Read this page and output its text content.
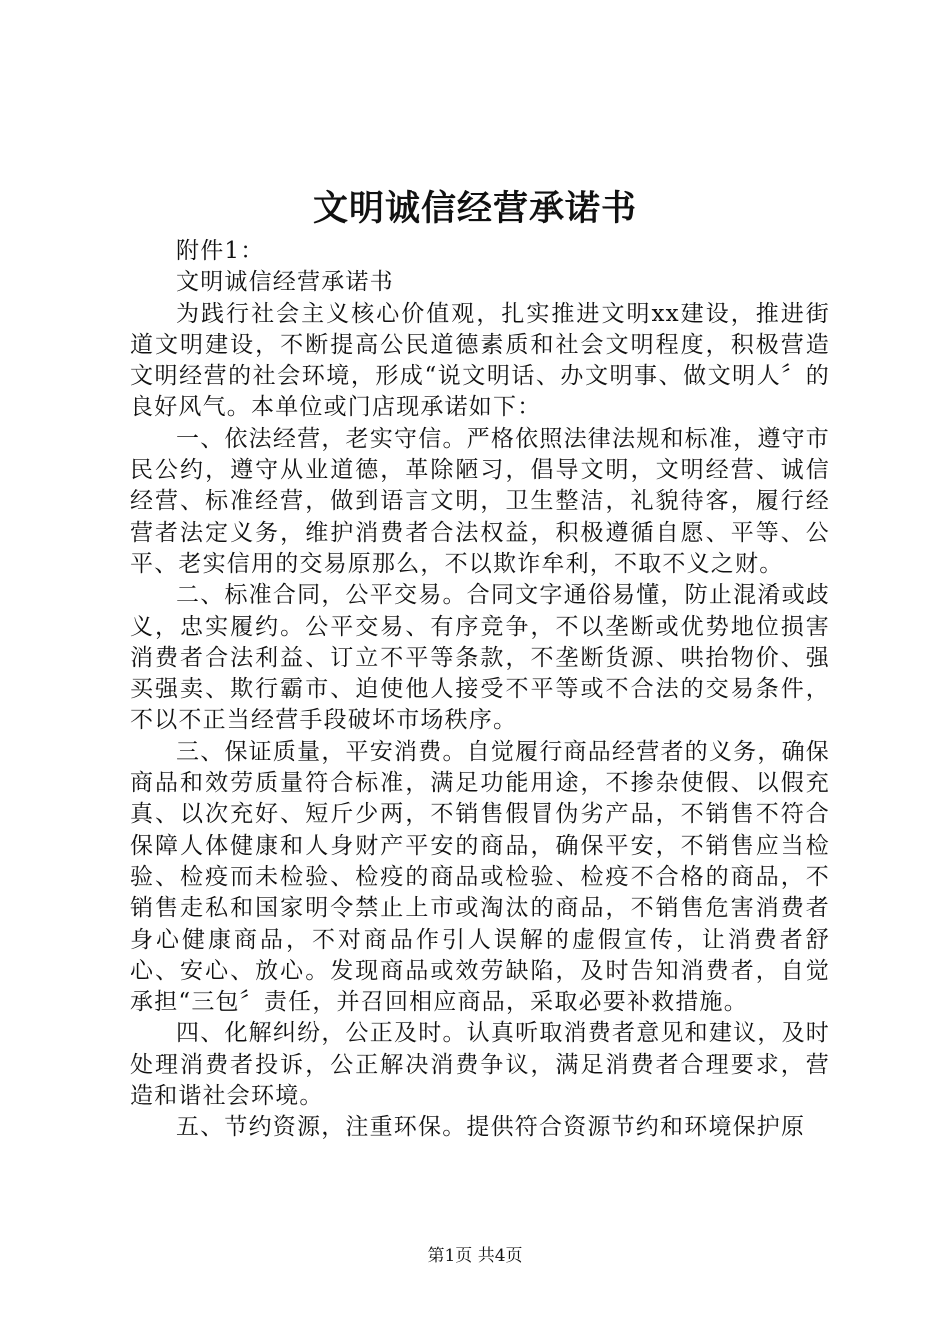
文明诚信经营承诺书

附件1：

文明诚信经营承诺书

为践行社会主义核心价值观，扎实推进文明xx建设，推进街道文明建设，不断提高公民道德素质和社会文明程度，积极营造文明经营的社会环境，形成“说文明话、办文明事、做文明人〞的良好风气。本单位或门店现承诺如下：

一、依法经营，老实守信。严格依照法律法规和标准，遵守市民公约，遵守从业道德，革除陋习，倡导文明，文明经营、诚信经营、标准经营，做到语言文明，卫生整洁，礼貌待客，履行经营者法定义务，维护消费者合法权益，积极遵循自愿、平等、公平、老实信用的交易原那么，不以欺诈牟利，不取不义之财。

二、标准合同，公平交易。合同文字通俗易懂，防止混淆或歧义，忠实履约。公平交易、有序竞争，不以垄断或优势地位损害消费者合法利益、订立不平等条款，不垄断货源、哄抬物价、强买强卖、欺行霸市、迫使他人接受不平等或不合法的交易条件，不以不正当经营手段破坏市场秩序。

三、保证质量，平安消费。自觉履行商品经营者的义务，确保商品和效劳质量符合标准，满足功能用途，不掺杂使假、以假充真、以次充好、短斤少两，不销售假冒伪劣产品，不销售不符合保障人体健康和人身财产平安的商品，确保平安，不销售应当检验、检疫而未检验、检疫的商品或检验、检疫不合格的商品，不销售走私和国家明令禁止上市或淘汰的商品，不销售危害消费者身心健康商品，不对商品作引人误解的虚假宣传，让消费者舒心、安心、放心。发现商品或效劳缺陷，及时告知消费者，自觉承担“三包〞责任，并召回相应商品，采取必要补救措施。

四、化解纠纷，公正及时。认真听取消费者意见和建议，及时处理消费者投诉，公正解决消费争议，满足消费者合理要求，营造和谐社会环境。

五、节约资源，注重环保。提供符合资源节约和环境保护原

第1页 共4页
